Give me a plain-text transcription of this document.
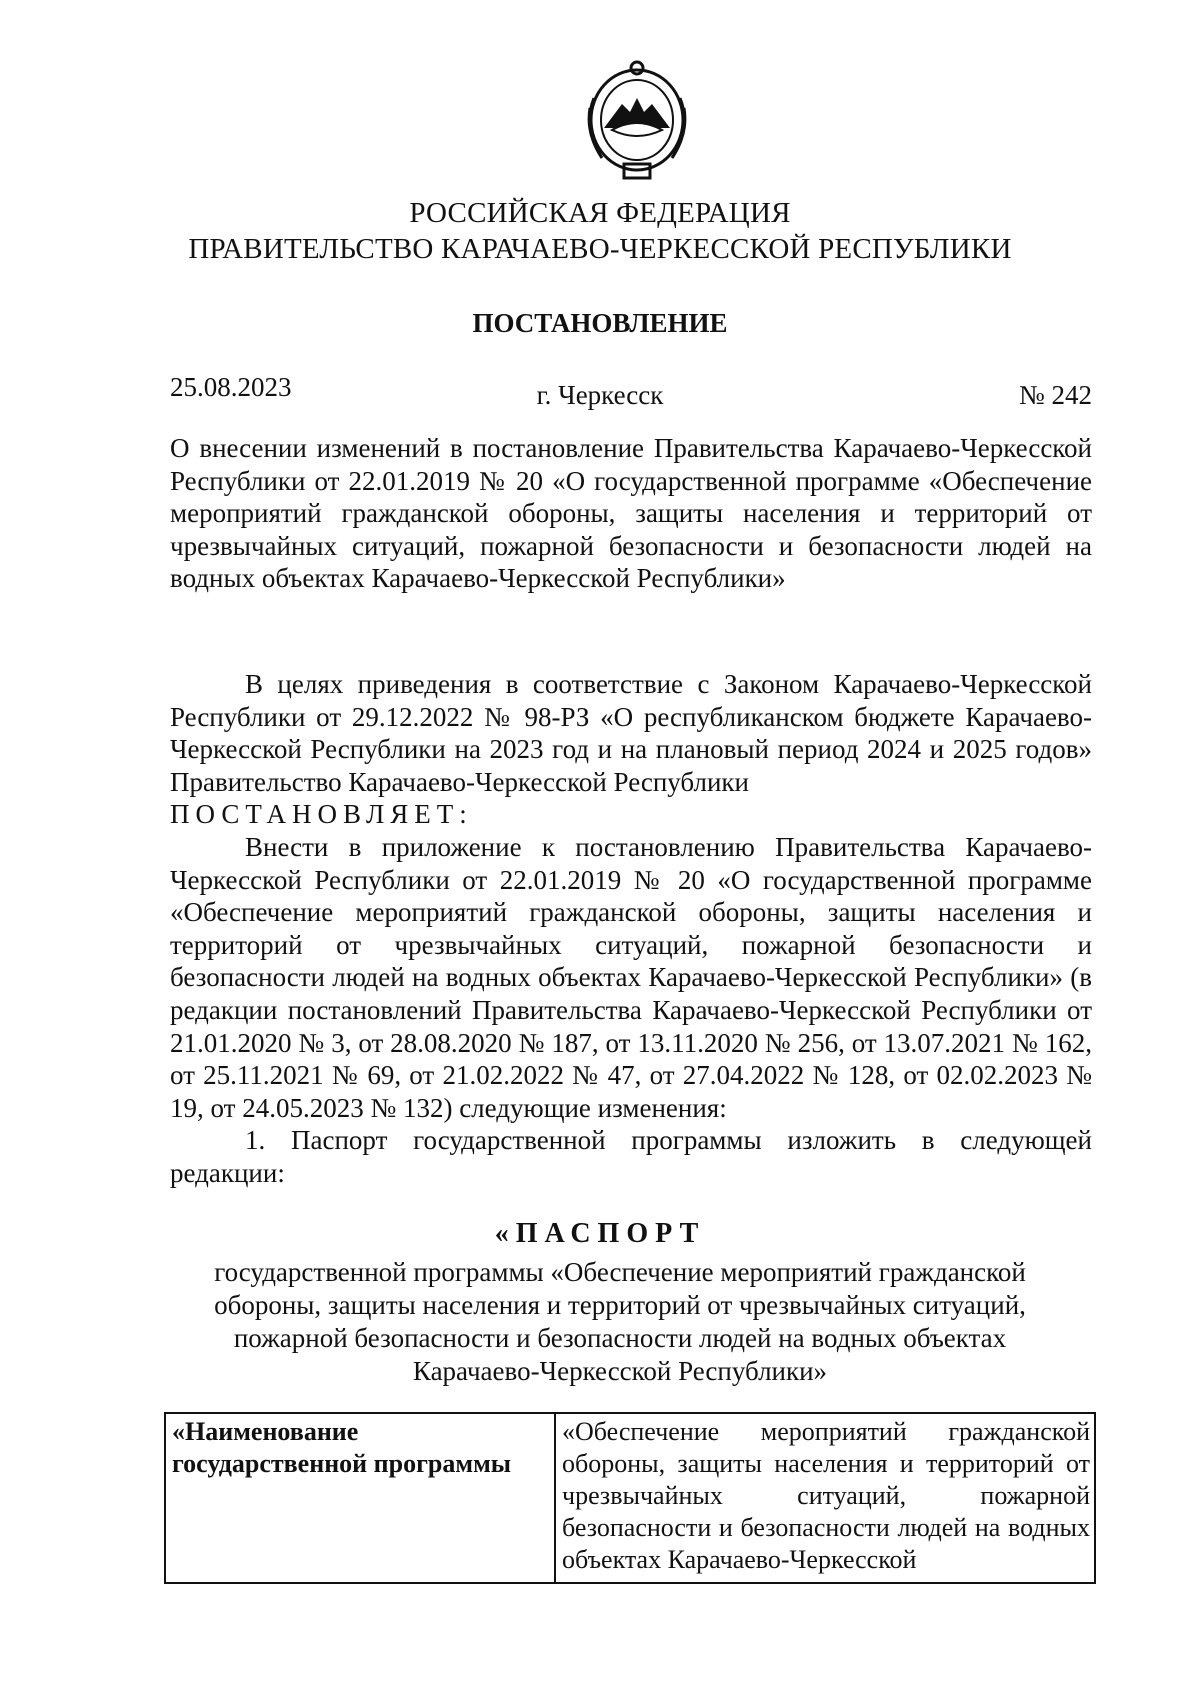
РОССИЙСКАЯ ФЕДЕРАЦИЯ
ПРАВИТЕЛЬСТВО КАРАЧАЕВО-ЧЕРКЕССКОЙ РЕСПУБЛИКИ
ПОСТАНОВЛЕНИЕ
25.08.2023	г. Черкесск	№ 242

О внесении изменений в постановление Правительства Карачаево-Черкесской Республики от 22.01.2019 № 20 «О государственной программе «Обеспечение мероприятий гражданской обороны, защиты населения и территорий от чрезвычайных ситуаций, пожарной безопасности и безопасности людей на водных объектах Карачаево-Черкесской Республики»

В целях приведения в соответствие с Законом Карачаево-Черкесской Республики от 29.12.2022 № 98-РЗ «О республиканском бюджете Карачаево-Черкесской Республики на 2023 год и на плановый период 2024 и 2025 годов» Правительство Карачаево-Черкесской Республики

ПОСТАНОВЛЯЕТ:

Внести в приложение к постановлению Правительства Карачаево-Черкесской Республики от 22.01.2019 № 20 «О государственной программе «Обеспечение мероприятий гражданской обороны, защиты населения и территорий от чрезвычайных ситуаций, пожарной безопасности и безопасности людей на водных объектах Карачаево-Черкесской Республики» (в редакции постановлений Правительства Карачаево-Черкесской Республики от 21.01.2020 № 3, от 28.08.2020 № 187, от 13.11.2020 № 256, от 13.07.2021 № 162, от 25.11.2021 № 69, от 21.02.2022 № 47, от 27.04.2022 № 128, от 02.02.2023 № 19, от 24.05.2023 № 132) следующие изменения:

1. Паспорт государственной программы изложить в следующей редакции:

«ПАСПОРТ
государственной программы «Обеспечение мероприятий гражданской обороны, защиты населения и территорий от чрезвычайных ситуаций, пожарной безопасности и безопасности людей на водных объектах Карачаево-Черкесской Республики»
«Наименование государственной программы	«Обеспечение мероприятий гражданской обороны, защиты населения и территорий от чрезвычайных ситуаций, пожарной безопасности и безопасности людей на водных объектах Карачаево-Черкесской
